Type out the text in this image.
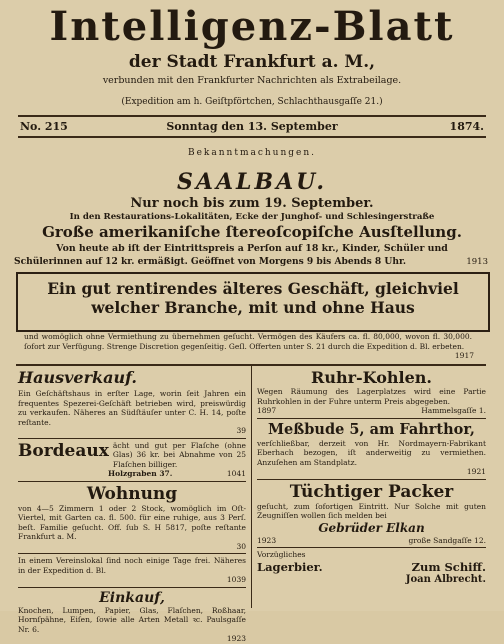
Intelligenz-Blatt
der Stadt Frankfurt a. M.,
verbunden mit den Frankfurter Nachrichten als Extrabeilage.
(Expedition am h. Geiſtpförtchen, Schlachthausgaſſe 21.)
No. 215	Sonntag den 13. September	1874.
Bekanntmachungen.
SAALBAU.
Nur noch bis zum 19. September.
In den Restaurations-Lokalitäten, Ecke der Junghof- und Schlesingerstraße
Große amerikaniſche ſtereoſcopiſche Ausſtellung.
Von heute ab iſt der Eintrittspreis a Perſon auf 18 kr., Kinder, Schüler und
Schülerinnen auf 12 kr. ermäßigt. Geöffnet von Morgens 9 bis Abends 8 Uhr.	1913
Ein gut rentirendes älteres Geschäft, gleichviel welcher Branche, mit und ohne Haus
und womöglich ohne Vermiethung zu übernehmen geſucht. Vermögen des Käufers ca. fl. 80,000, wovon fl. 30,000. ſofort zur Verfügung. Strenge Discretion gegenſeitig. Geſl. Offerten unter S. 21 durch die Expedition d. Bl. erbeten.
1917
Hausverkauf.
Ein Geſchäftshaus in erſter Lage, worin ſeit Jahren ein frequentes Spezerei-Geſchäft betrieben wird, preiswürdig zu verkaufen. Näheres an Südſtäuſer unter C. H. 14, poſte reſtante.
39
Bordeaux ächt und gut per Flaſche (ohne Glas) 36 kr. bei Abnahme von 25 Flaſchen billiger.
Holzgraben 37.	1041
Wohnung
von 4—5 Zimmern 1 oder 2 Stock, womöglich im Oſt-Viertel, mit Garten ca. fl. 500. für eine ruhige, aus 3 Perſ. beſt. Familie geſucht. Off. ſub S. H 5817, poſte reſtante Frankfurt a. M.
30
In einem Vereinslokal ſind noch einige Tage frei. Näheres in der Expedition d. Bl.
1039
Einkauf,
Knochen, Lumpen, Papier, Glas, Flaſchen, Roßhaar, Hornſpähne, Eiſen, ſowie alle Arten Metall ꝛc. Paulsgaſſe Nr. 6.
1923
Ruhr-Kohlen.
Wegen Räumung des Lagerplatzes wird eine Partie Ruhrkohlen in der Fuhre unterm Preis abgegeben.
1897	Hammelsgaſſe 1.
Meßbude 5, am Fahrthor,
verſchließbar, derzeit von Hr. Nordmayern-Fabrikant Eberhach bezogen, iſt anderweitig zu vermiethen. Anzuſehen am Standplatz.
1921
Tüchtiger Packer
geſucht, zum ſofortigen Eintritt. Nur Solche mit guten Zeugniſſen wollen ſich melden bei
Gebrüder Elkan
1923	große Sandgaſſe 12.
Vorzügliches
Lagerbier.	Zum Schiff.
Joan Albrecht.
